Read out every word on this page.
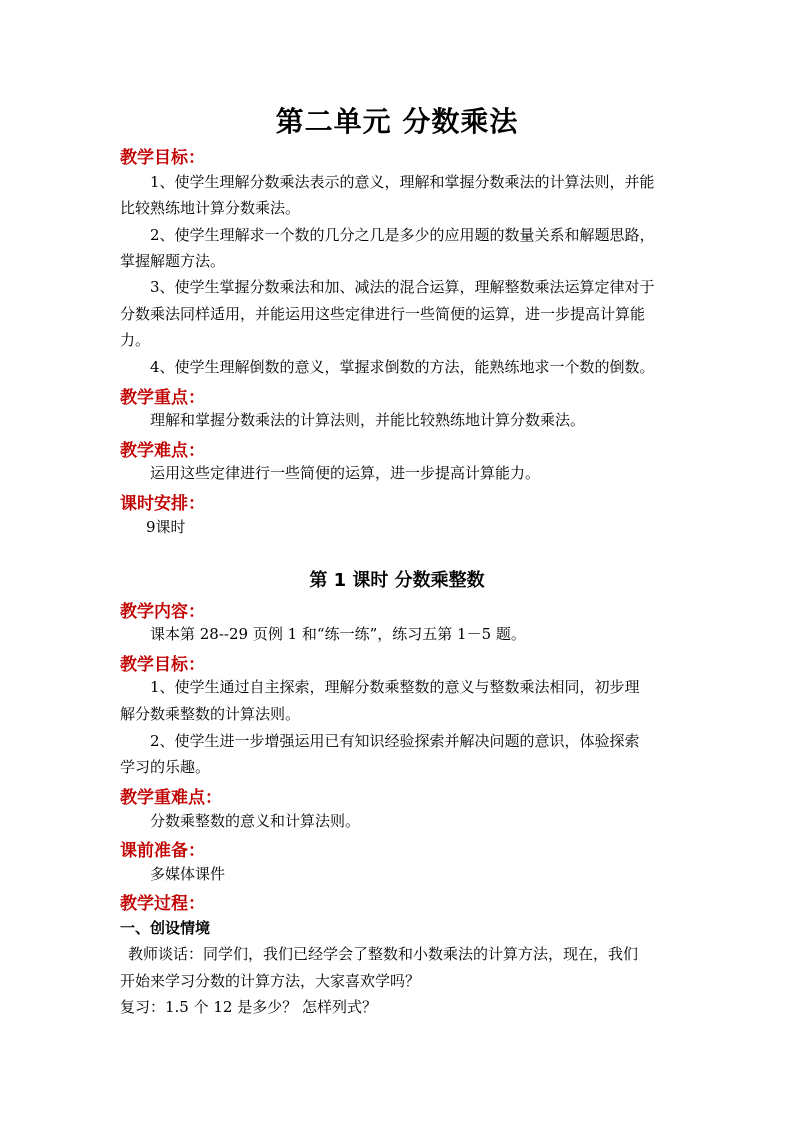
第二单元 分数乘法
教学目标：
1、使学生理解分数乘法表示的意义，理解和掌握分数乘法的计算法则，并能
比较熟练地计算分数乘法。
2、使学生理解求一个数的几分之几是多少的应用题的数量关系和解题思路，
掌握解题方法。
3、使学生掌握分数乘法和加、减法的混合运算，理解整数乘法运算定律对于
分数乘法同样适用，并能运用这些定律进行一些简便的运算，进一步提高计算能
力。
4、使学生理解倒数的意义，掌握求倒数的方法，能熟练地求一个数的倒数。
教学重点：
理解和掌握分数乘法的计算法则，并能比较熟练地计算分数乘法。
教学难点：
运用这些定律进行一些简便的运算，进一步提高计算能力。
课时安排：
9课时
第 1 课时 分数乘整数
教学内容：
课本第 28--29 页例 1 和“练一练”，练习五第 1－5 题。
教学目标：
1、使学生通过自主探索，理解分数乘整数的意义与整数乘法相同，初步理
解分数乘整数的计算法则。
2、使学生进一步增强运用已有知识经验探索并解决问题的意识，体验探索
学习的乐趣。
教学重难点：
分数乘整数的意义和计算法则。
课前准备：
多媒体课件
教学过程：
一、创设情境
教师谈话：同学们，我们已经学会了整数和小数乘法的计算方法，现在，我们
开始来学习分数的计算方法，大家喜欢学吗？
复习：1.5 个 12 是多少？ 怎样列式？
